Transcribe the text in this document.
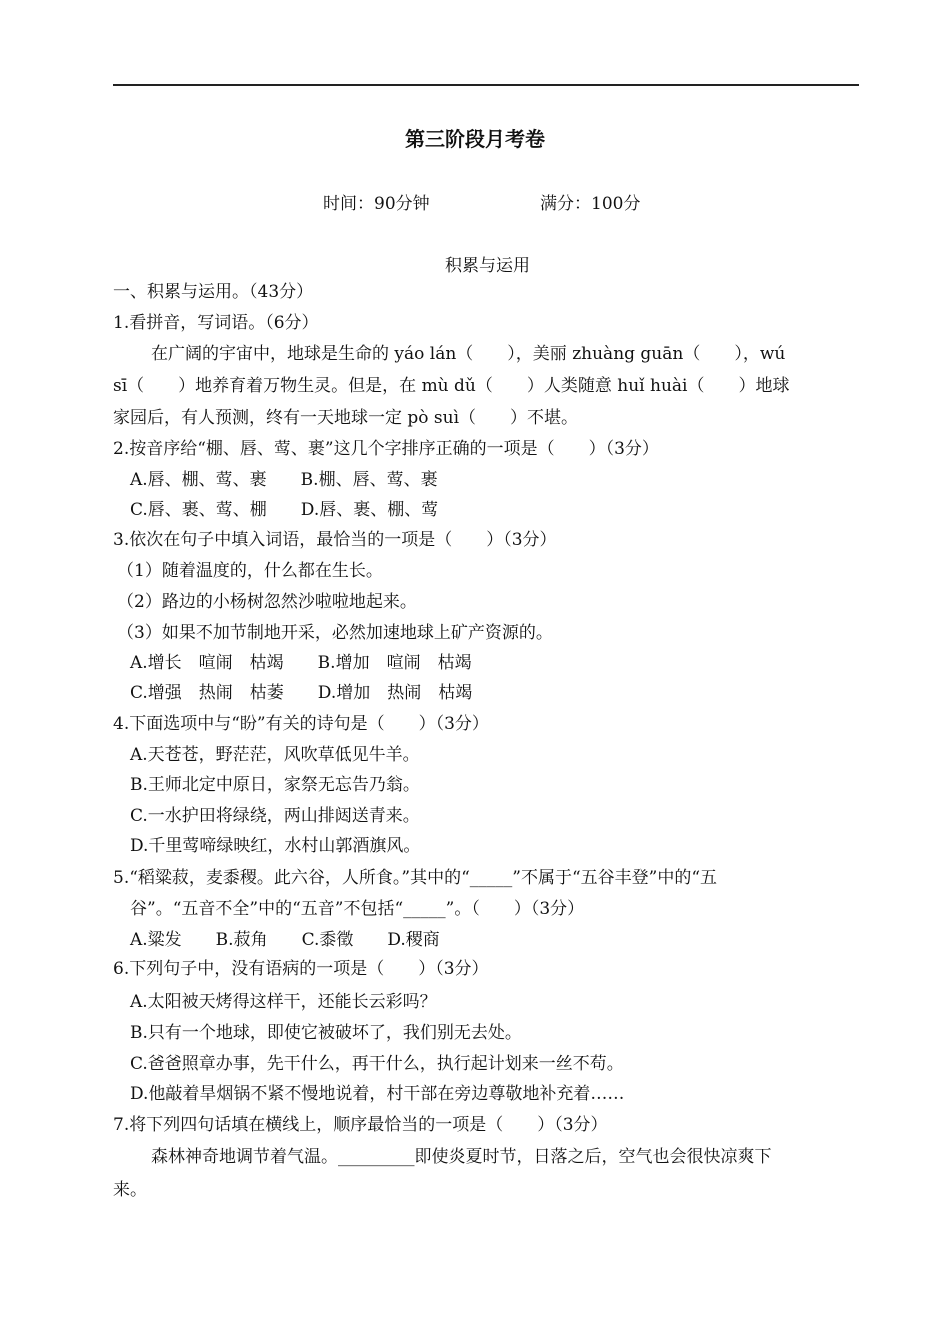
第三阶段月考卷
时间：90分钟	满分：100分
积累与运用
一、积累与运用。（43分）
1.看拼音，写词语。（6分）
在广阔的宇宙中，地球是生命的 yáo lán（　　），美丽 zhuàng guān（　　），wú
sī（　　）地养育着万物生灵。但是，在 mù dǔ（　　）人类随意 huǐ huài（　　）地球
家园后，有人预测，终有一天地球一定 pò suì（　　）不堪。
2.按音序给“棚、唇、莺、裹”这几个字排序正确的一项是（　　）（3分）
A.唇、棚、莺、裹　　B.棚、唇、莺、裹
C.唇、裹、莺、棚　　D.唇、裹、棚、莺
3.依次在句子中填入词语，最恰当的一项是（　　）（3分）
（1）随着温度的，什么都在生长。
（2）路边的小杨树忽然沙啦啦地起来。
（3）如果不加节制地开采，必然加速地球上矿产资源的。
A.增长　喧闹　枯竭　　B.增加　喧闹　枯竭
C.增强　热闹　枯萎　　D.增加　热闹　枯竭
4.下面选项中与“盼”有关的诗句是（　　）（3分）
A.天苍苍，野茫茫，风吹草低见牛羊。
B.王师北定中原日，家祭无忘告乃翁。
C.一水护田将绿绕，两山排闼送青来。
D.千里莺啼绿映红，水村山郭酒旗风。
5.“稻粱菽，麦黍稷。此六谷，人所食。”其中的“_____”不属于“五谷丰登”中的“五
谷”。“五音不全”中的“五音”不包括“_____”。（　　）（3分）
A.粱发　　B.菽角　　C.黍徵　　D.稷商
6.下列句子中，没有语病的一项是（　　）（3分）
A.太阳被天烤得这样干，还能长云彩吗？
B.只有一个地球，即使它被破坏了，我们别无去处。
C.爸爸照章办事，先干什么，再干什么，执行起计划来一丝不苟。
D.他敲着旱烟锅不紧不慢地说着，村干部在旁边尊敬地补充着……
7.将下列四句话填在横线上，顺序最恰当的一项是（　　）（3分）
森林神奇地调节着气温。_________即使炎夏时节，日落之后，空气也会很快凉爽下
来。
